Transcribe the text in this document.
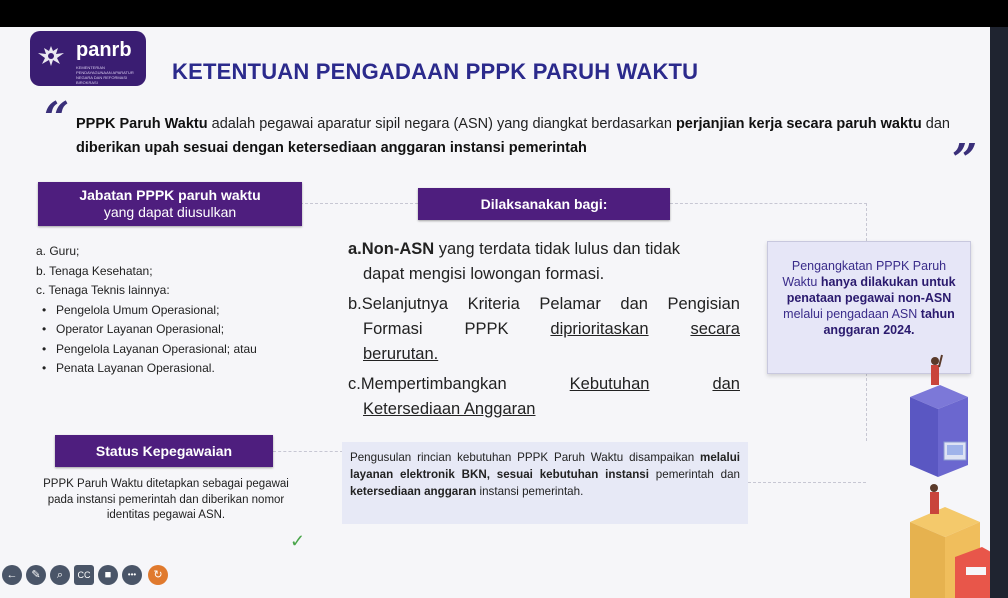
panrb
KEMENTERIAN PENDAYAGUNAAN APARATUR NEGARA DAN REFORMASI BIROKRASI	KETENTUAN PENGADAAN PPPK PARUH WAKTU
“
”
PPPK Paruh Waktu adalah pegawai aparatur sipil negara (ASN) yang diangkat berdasarkan perjanjian kerja secara paruh waktu dan diberikan upah sesuai dengan ketersediaan anggaran instansi pemerintah
Jabatan PPPK paruh waktu
yang dapat diusulkan
a. Guru;
b. Tenaga Kesehatan;
c. Tenaga Teknis lainnya:
• Pengelola Umum Operasional;
• Operator Layanan Operasional;
• Pengelola Layanan Operasional; atau
• Penata Layanan Operasional.
Dilaksanakan bagi:
a.Non-ASN yang terdata tidak lulus dan tidak
dapat mengisi lowongan formasi.
b.Selanjutnya Kriteria Pelamar dan Pengisian
Formasi	PPPK	diprioritaskan	secara
berurutan.
c.Mempertimbangkan	Kebutuhan	dan
Ketersediaan Anggaran
Status Kepegawaian
PPPK Paruh Waktu ditetapkan sebagai pegawai pada instansi pemerintah dan diberikan nomor identitas pegawai ASN.
✓
Pengusulan rincian kebutuhan PPPK Paruh Waktu disampaikan melalui layanan elektronik BKN, sesuai kebutuhan instansi pemerintah dan ketersediaan anggaran instansi pemerintah.
Pengangkatan PPPK Paruh Waktu hanya dilakukan untuk penataan pegawai non-ASN melalui pengadaan ASN tahun anggaran 2024.
←	✎	⌕	CC	■	•••	↻
